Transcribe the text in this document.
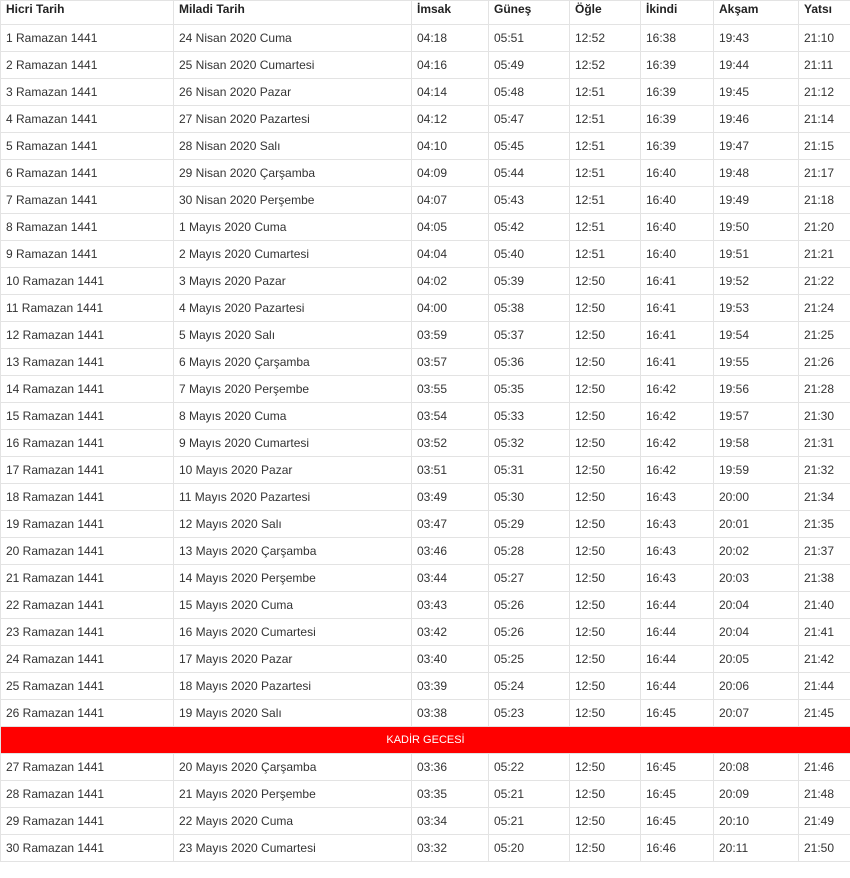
Hicri Tarih	Miladi Tarih	İmsak	Güneş	Öğle	İkindi	Akşam	Yatsı
1 Ramazan 1441	24 Nisan 2020 Cuma	04:18	05:51	12:52	16:38	19:43	21:10
2 Ramazan 1441	25 Nisan 2020 Cumartesi	04:16	05:49	12:52	16:39	19:44	21:11
3 Ramazan 1441	26 Nisan 2020 Pazar	04:14	05:48	12:51	16:39	19:45	21:12
4 Ramazan 1441	27 Nisan 2020 Pazartesi	04:12	05:47	12:51	16:39	19:46	21:14
5 Ramazan 1441	28 Nisan 2020 Salı	04:10	05:45	12:51	16:39	19:47	21:15
6 Ramazan 1441	29 Nisan 2020 Çarşamba	04:09	05:44	12:51	16:40	19:48	21:17
7 Ramazan 1441	30 Nisan 2020 Perşembe	04:07	05:43	12:51	16:40	19:49	21:18
8 Ramazan 1441	1 Mayıs 2020 Cuma	04:05	05:42	12:51	16:40	19:50	21:20
9 Ramazan 1441	2 Mayıs 2020 Cumartesi	04:04	05:40	12:51	16:40	19:51	21:21
10 Ramazan 1441	3 Mayıs 2020 Pazar	04:02	05:39	12:50	16:41	19:52	21:22
11 Ramazan 1441	4 Mayıs 2020 Pazartesi	04:00	05:38	12:50	16:41	19:53	21:24
12 Ramazan 1441	5 Mayıs 2020 Salı	03:59	05:37	12:50	16:41	19:54	21:25
13 Ramazan 1441	6 Mayıs 2020 Çarşamba	03:57	05:36	12:50	16:41	19:55	21:26
14 Ramazan 1441	7 Mayıs 2020 Perşembe	03:55	05:35	12:50	16:42	19:56	21:28
15 Ramazan 1441	8 Mayıs 2020 Cuma	03:54	05:33	12:50	16:42	19:57	21:30
16 Ramazan 1441	9 Mayıs 2020 Cumartesi	03:52	05:32	12:50	16:42	19:58	21:31
17 Ramazan 1441	10 Mayıs 2020 Pazar	03:51	05:31	12:50	16:42	19:59	21:32
18 Ramazan 1441	11 Mayıs 2020 Pazartesi	03:49	05:30	12:50	16:43	20:00	21:34
19 Ramazan 1441	12 Mayıs 2020 Salı	03:47	05:29	12:50	16:43	20:01	21:35
20 Ramazan 1441	13 Mayıs 2020 Çarşamba	03:46	05:28	12:50	16:43	20:02	21:37
21 Ramazan 1441	14 Mayıs 2020 Perşembe	03:44	05:27	12:50	16:43	20:03	21:38
22 Ramazan 1441	15 Mayıs 2020 Cuma	03:43	05:26	12:50	16:44	20:04	21:40
23 Ramazan 1441	16 Mayıs 2020 Cumartesi	03:42	05:26	12:50	16:44	20:04	21:41
24 Ramazan 1441	17 Mayıs 2020 Pazar	03:40	05:25	12:50	16:44	20:05	21:42
25 Ramazan 1441	18 Mayıs 2020 Pazartesi	03:39	05:24	12:50	16:44	20:06	21:44
26 Ramazan 1441	19 Mayıs 2020 Salı	03:38	05:23	12:50	16:45	20:07	21:45
KADİR GECESİ							
27 Ramazan 1441	20 Mayıs 2020 Çarşamba	03:36	05:22	12:50	16:45	20:08	21:46
28 Ramazan 1441	21 Mayıs 2020 Perşembe	03:35	05:21	12:50	16:45	20:09	21:48
29 Ramazan 1441	22 Mayıs 2020 Cuma	03:34	05:21	12:50	16:45	20:10	21:49
30 Ramazan 1441	23 Mayıs 2020 Cumartesi	03:32	05:20	12:50	16:46	20:11	21:50
